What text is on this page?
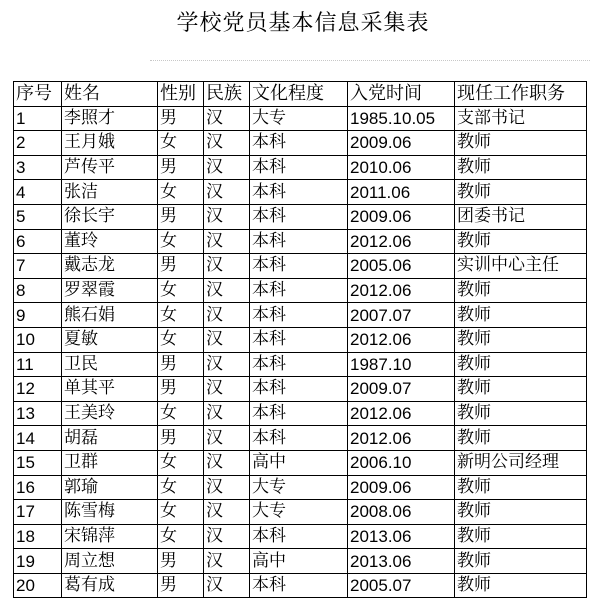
学校党员基本信息采集表
序号	姓名	性别	民族	文化程度	入党时间	现任工作职务
1	李照才	男	汉	大专	1985.10.05	支部书记
2	王月娥	女	汉	本科	2009.06	教师
3	芦传平	男	汉	本科	2010.06	教师
4	张洁	女	汉	本科	2011.06	教师
5	徐长宇	男	汉	本科	2009.06	团委书记
6	董玲	女	汉	本科	2012.06	教师
7	戴志龙	男	汉	本科	2005.06	实训中心主任
8	罗翠霞	女	汉	本科	2012.06	教师
9	熊石娟	女	汉	本科	2007.07	教师
10	夏敏	女	汉	本科	2012.06	教师
11	卫民	男	汉	本科	1987.10	教师
12	单其平	男	汉	本科	2009.07	教师
13	王美玲	女	汉	本科	2012.06	教师
14	胡磊	男	汉	本科	2012.06	教师
15	卫群	女	汉	高中	2006.10	新明公司经理
16	郭瑜	女	汉	大专	2009.06	教师
17	陈雪梅	女	汉	大专	2008.06	教师
18	宋锦萍	女	汉	本科	2013.06	教师
19	周立想	男	汉	高中	2013.06	教师
20	葛有成	男	汉	本科	2005.07	教师
